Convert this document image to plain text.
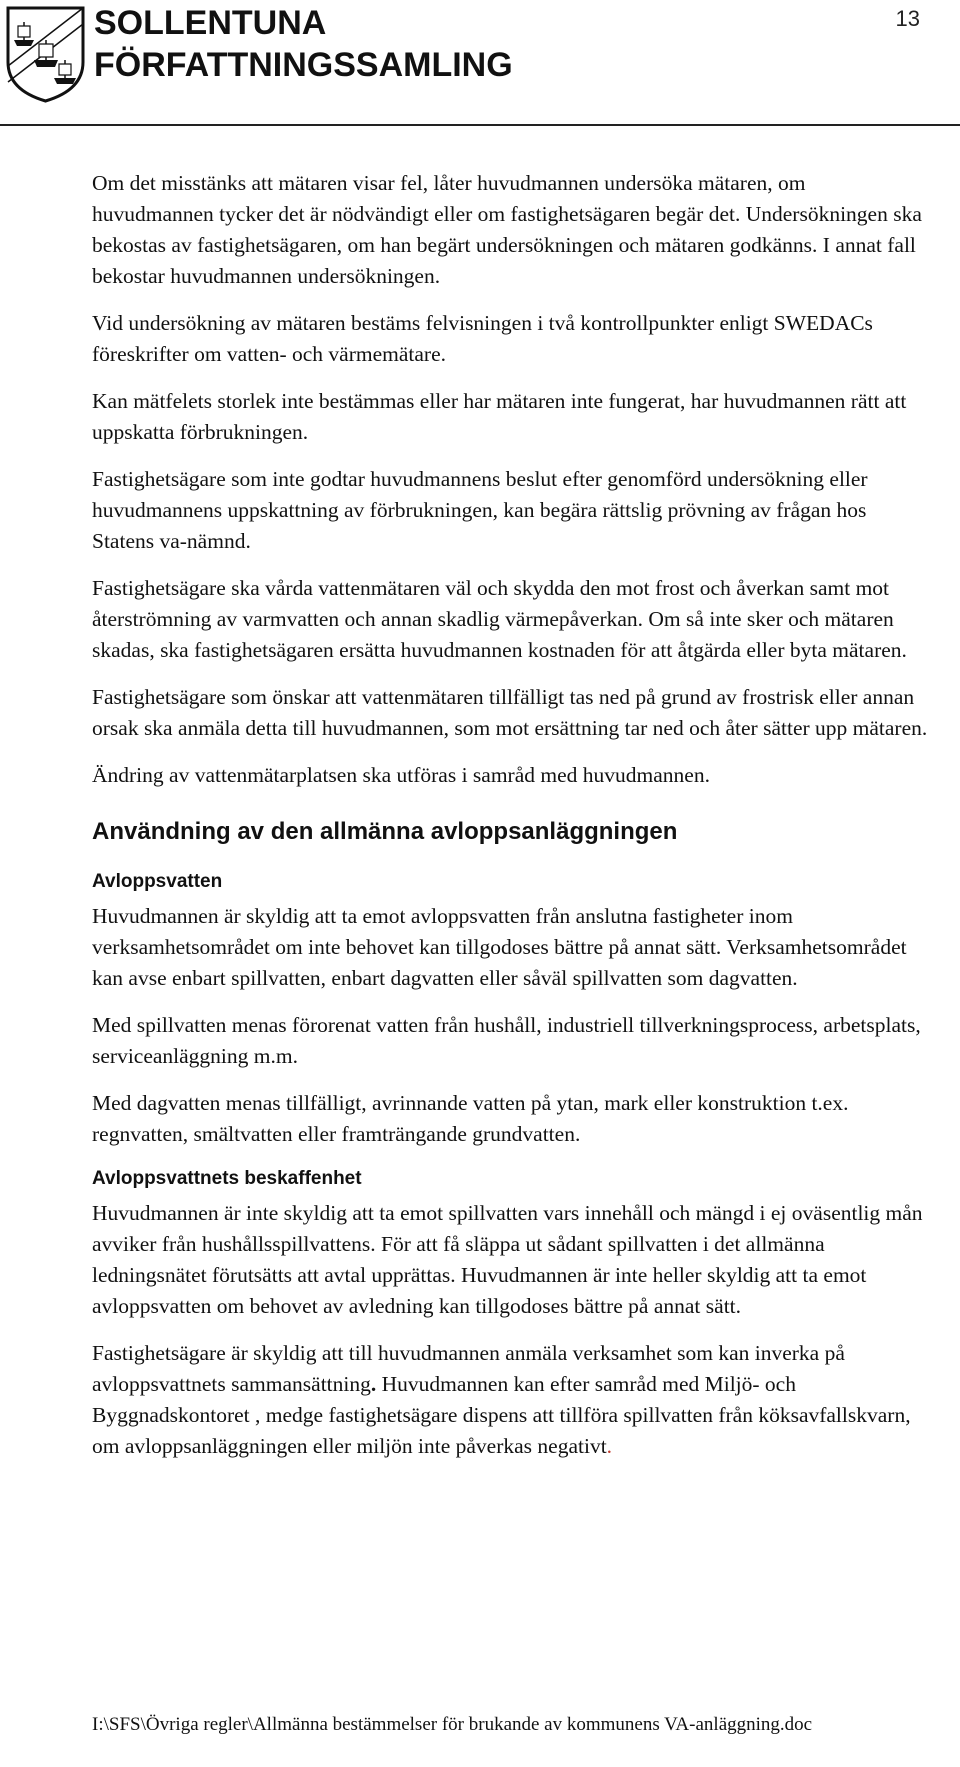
SOLLENTUNA
FÖRFATTNINGSSAMLING
13

Om det misstänks att mätaren visar fel, låter huvudmannen undersöka mätaren, om huvudmannen tycker det är nödvändigt eller om fastighetsägaren begär det. Undersökningen ska bekostas av fastighetsägaren, om han begärt undersökningen och mätaren godkänns. I annat fall bekostar huvudmannen undersökningen.

Vid undersökning av mätaren bestäms felvisningen i två kontrollpunkter enligt SWEDACs föreskrifter om vatten- och värmemätare.

Kan mätfelets storlek inte bestämmas eller har mätaren inte fungerat, har huvudmannen rätt att uppskatta förbrukningen.

Fastighetsägare som inte godtar huvudmannens beslut efter genomförd undersökning eller huvudmannens uppskattning av förbrukningen, kan begära rättslig prövning av frågan hos Statens va-nämnd.

Fastighetsägare ska vårda vattenmätaren väl och skydda den mot frost och åverkan samt mot återströmning av varmvatten och annan skadlig värmepåverkan. Om så inte sker och mätaren skadas, ska fastighetsägaren ersätta huvudmannen kostnaden för att åtgärda eller byta mätaren.

Fastighetsägare som önskar att vattenmätaren tillfälligt tas ned på grund av frostrisk eller annan orsak ska anmäla detta till huvudmannen, som mot ersättning tar ned och åter sätter upp mätaren.

Ändring av vattenmätarplatsen ska utföras i samråd med huvudmannen.

Användning av den allmänna avloppsanläggningen
Avloppsvatten

Huvudmannen är skyldig att ta emot avloppsvatten från anslutna fastigheter inom verksamhetsområdet om inte behovet kan tillgodoses bättre på annat sätt. Verksamhetsområdet kan avse enbart spillvatten, enbart dagvatten eller såväl spillvatten som dagvatten.

Med spillvatten menas förorenat vatten från hushåll, industriell tillverkningsprocess, arbetsplats, serviceanläggning m.m.

Med dagvatten menas tillfälligt, avrinnande vatten på ytan, mark eller konstruktion t.ex. regnvatten, smältvatten eller framträngande grundvatten.

Avloppsvattnets beskaffenhet

Huvudmannen är inte skyldig att ta emot spillvatten vars innehåll och mängd i ej oväsentlig mån avviker från hushållsspillvattens. För att få släppa ut sådant spillvatten i det allmänna ledningsnätet förutsätts att avtal upprättas. Huvudmannen är inte heller skyldig att ta emot avloppsvatten om behovet av avledning kan tillgodoses bättre på annat sätt.

Fastighetsägare är skyldig att till huvudmannen anmäla verksamhet som kan inverka på avloppsvattnets sammansättning. Huvudmannen kan efter samråd med Miljö- och Byggnadskontoret , medge fastighetsägare dispens att tillföra spillvatten från köksavfallskvarn, om avloppsanläggningen eller miljön inte påverkas negativt.

I:\SFS\Övriga regler\Allmänna bestämmelser för brukande av kommunens VA-anläggning.doc
